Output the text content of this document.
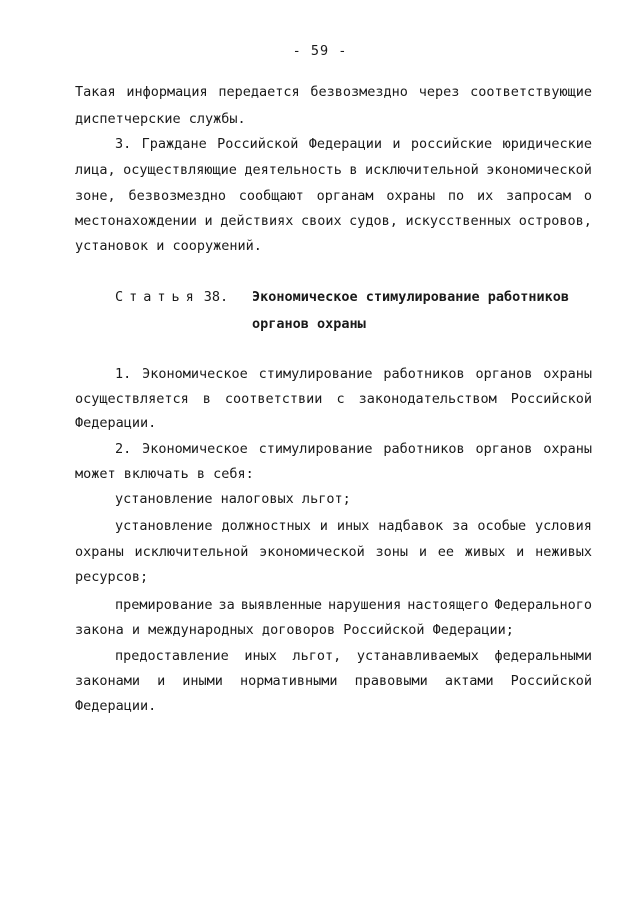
- 59 -
Такая информация передается безвозмездно через соответствующие
диспетчерские службы.
3. Граждане Российской Федерации и российские юридические
лица, осуществляющие деятельность в исключительной экономической
зоне, безвозмездно сообщают органам охраны по их запросам о
местонахождении и действиях своих судов, искусственных островов,
установок и сооружений.
Статья 38. Экономическое стимулирование работников
органов охраны
1. Экономическое стимулирование работников органов охраны
осуществляется в соответствии с законодательством Российской
Федерации.
2. Экономическое стимулирование работников органов охраны
может включать в себя:
установление налоговых льгот;
установление должностных и иных надбавок за особые условия
охраны исключительной экономической зоны и ее живых и неживых
ресурсов;
премирование за выявленные нарушения настоящего Федерального
закона и международных договоров Российской Федерации;
предоставление иных льгот, устанавливаемых федеральными
законами и иными нормативными правовыми актами Российской
Федерации.
